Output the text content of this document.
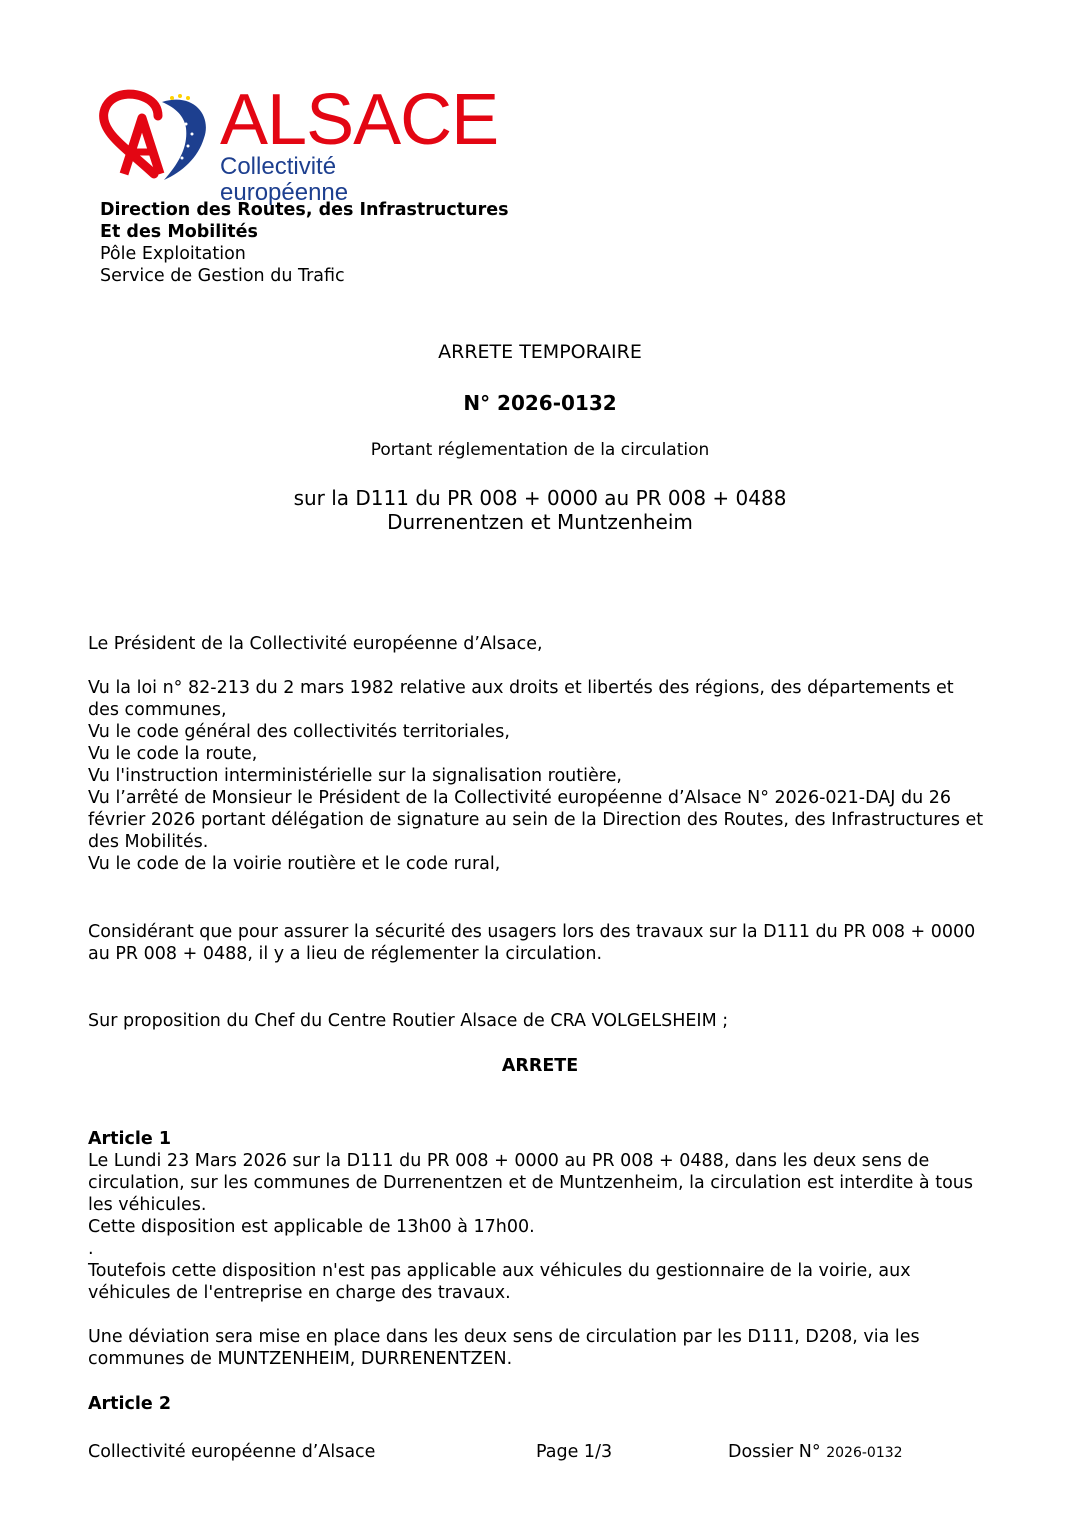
ALSACE
Collectivité européenne
Direction des Routes, des Infrastructures
Et des Mobilités
Pôle Exploitation
Service de Gestion du Trafic
ARRETE TEMPORAIRE
N° 2026-0132
Portant réglementation de la circulation
sur la D111 du PR 008 + 0000 au PR 008 + 0488
Durrenentzen et Muntzenheim

Le Président de la Collectivité européenne d’Alsace,

Vu la loi n° 82-213 du 2 mars 1982 relative aux droits et libertés des régions, des départements et des communes,
Vu le code général des collectivités territoriales,
Vu le code la route,
Vu l'instruction interministérielle sur la signalisation routière,
Vu l’arrêté de Monsieur le Président de la Collectivité européenne d’Alsace N° 2026-021-DAJ du 26 février 2026 portant délégation de signature au sein de la Direction des Routes, des Infrastructures et des Mobilités.
Vu le code de la voirie routière et le code rural,

Considérant que pour assurer la sécurité des usagers lors des travaux sur la D111 du PR 008 + 0000 au PR 008 + 0488, il y a lieu de réglementer la circulation.

Sur proposition du Chef du Centre Routier Alsace de CRA VOLGELSHEIM ;

ARRETE
Article 1
Le Lundi 23 Mars 2026 sur la D111 du PR 008 + 0000 au PR 008 + 0488, dans les deux sens de circulation, sur les communes de Durrenentzen et de Muntzenheim, la circulation est interdite à tous les véhicules.
Cette disposition est applicable de 13h00 à 17h00.
.
Toutefois cette disposition n'est pas applicable aux véhicules du gestionnaire de la voirie, aux véhicules de l'entreprise en charge des travaux.
Une déviation sera mise en place dans les deux sens de circulation par les D111, D208, via les communes de MUNTZENHEIM, DURRENENTZEN.
Article 2
Collectivité européenne d’Alsace	Page 1/3	Dossier N° 2026-0132
